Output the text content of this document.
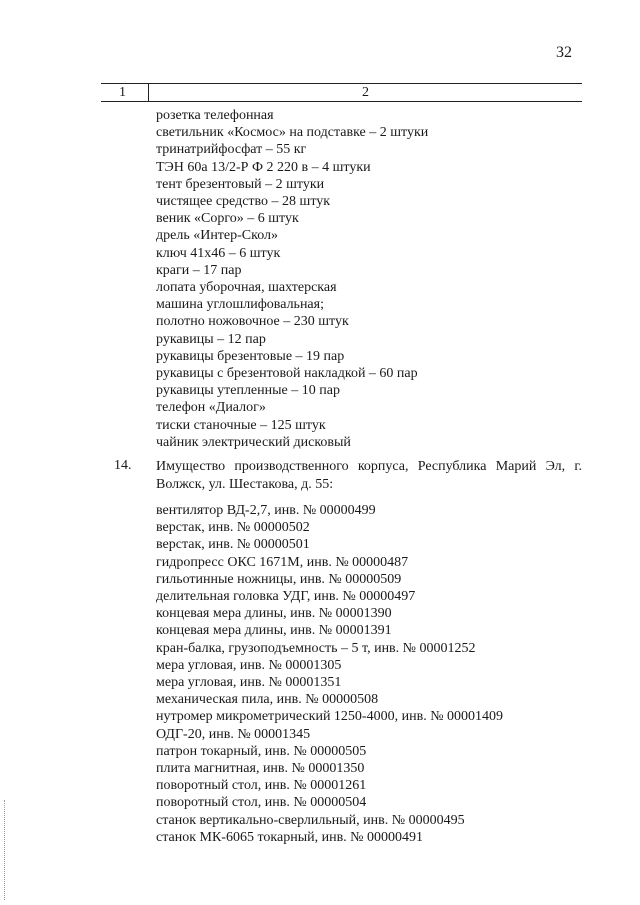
32
1	2
розетка телефонная
светильник «Космос» на подставке – 2 штуки
тринатрийфосфат – 55 кг
ТЭН 60а 13/2-Р Ф 2 220 в – 4 штуки
тент брезентовый – 2 штуки
чистящее средство – 28 штук
веник «Сорго» – 6 штук
дрель «Интер-Скол»
ключ 41х46 – 6 штук
краги – 17 пар
лопата уборочная, шахтерская
машина углошлифовальная;
полотно ножовочное – 230 штук
рукавицы – 12 пар
рукавицы брезентовые – 19 пар
рукавицы с брезентовой накладкой – 60 пар
рукавицы утепленные – 10 пар
телефон «Диалог»
тиски станочные – 125 штук
чайник электрический дисковый
14. Имущество производственного корпуса, Республика Марий Эл, г. Волжск, ул. Шестакова, д. 55:
вентилятор ВД-2,7, инв. № 00000499
верстак, инв. № 00000502
верстак, инв. № 00000501
гидропресс ОКС 1671М, инв. № 00000487
гильотинные ножницы, инв. № 00000509
делительная головка УДГ, инв. № 00000497
концевая мера длины, инв. № 00001390
концевая мера длины, инв. № 00001391
кран-балка, грузоподъемность – 5 т, инв. № 00001252
мера угловая, инв. № 00001305
мера угловая, инв. № 00001351
механическая пила, инв. № 00000508
нутромер микрометрический 1250-4000, инв. № 00001409
ОДГ-20, инв. № 00001345
патрон токарный, инв. № 00000505
плита магнитная, инв. № 00001350
поворотный стол, инв. № 00001261
поворотный стол, инв. № 00000504
станок вертикально-сверлильный, инв. № 00000495
станок МК-6065 токарный, инв. № 00000491
